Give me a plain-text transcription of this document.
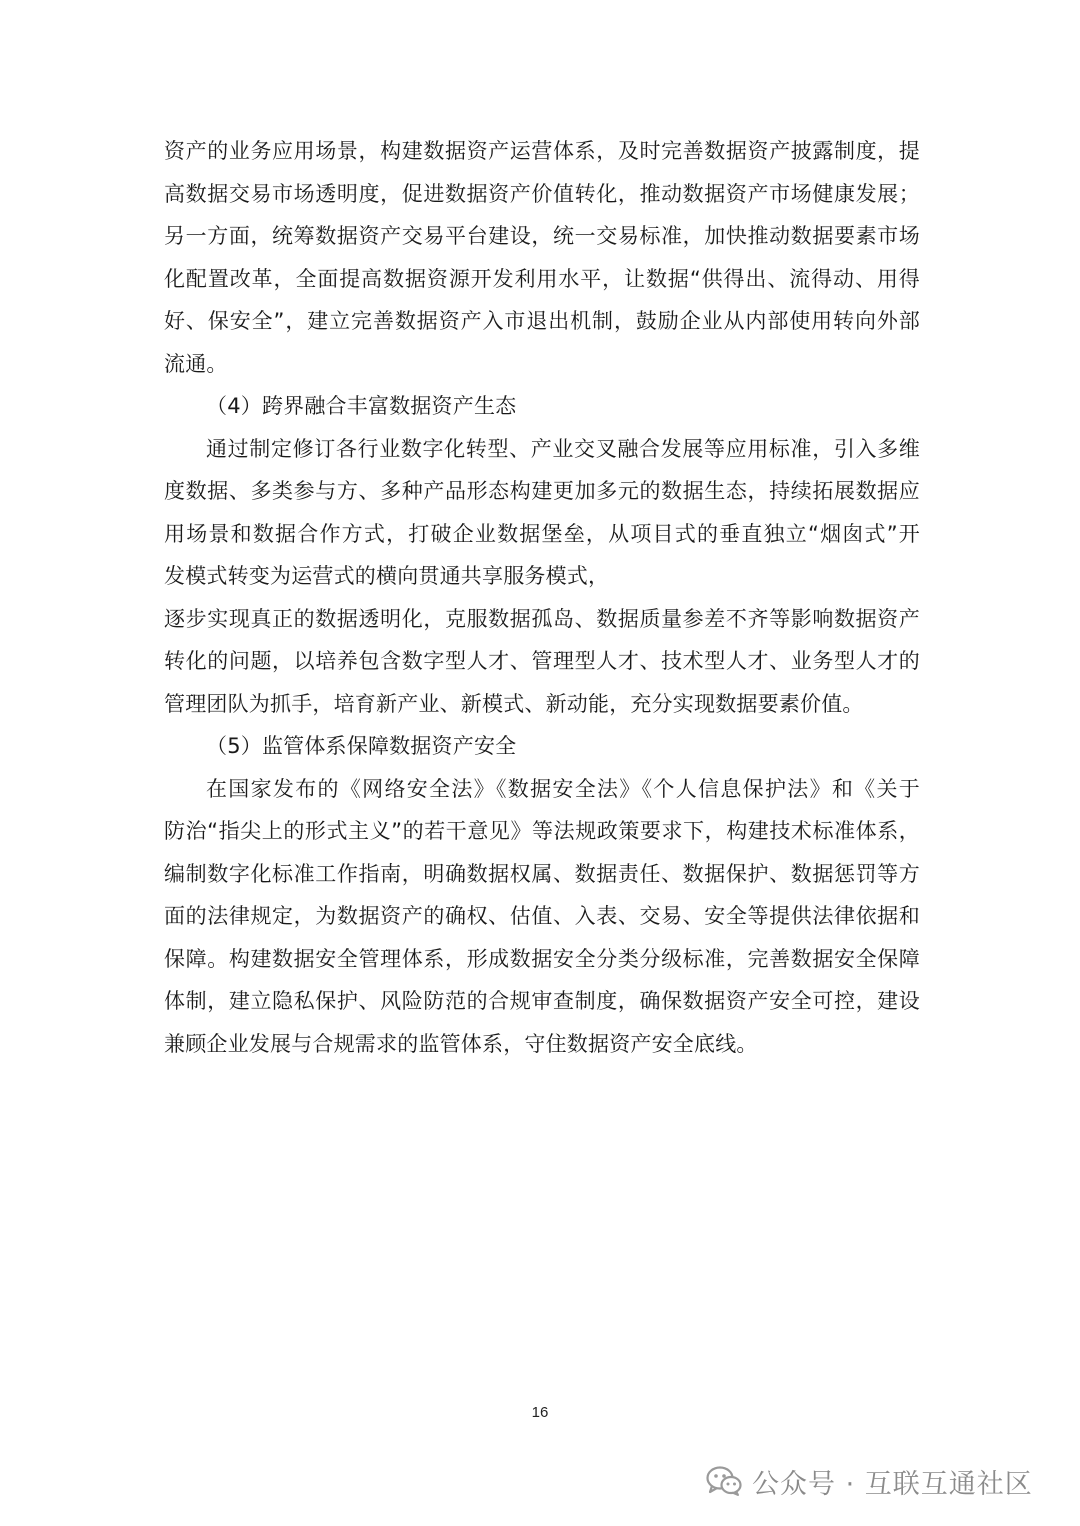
资产的业务应用场景，构建数据资产运营体系，及时完善数据资产披露制度，提
高数据交易市场透明度，促进数据资产价值转化，推动数据资产市场健康发展；
另一方面，统筹数据资产交易平台建设，统一交易标准，加快推动数据要素市场
化配置改革，全面提高数据资源开发利用水平，让数据“供得出、流得动、用得
好、保安全”，建立完善数据资产入市退出机制，鼓励企业从内部使用转向外部
流通。
（4）跨界融合丰富数据资产生态
通过制定修订各行业数字化转型、产业交叉融合发展等应用标准，引入多维
度数据、多类参与方、多种产品形态构建更加多元的数据生态，持续拓展数据应
用场景和数据合作方式，打破企业数据堡垒，从项目式的垂直独立“烟囱式”开
发模式转变为运营式的横向贯通共享服务模式，
逐步实现真正的数据透明化，克服数据孤岛、数据质量参差不齐等影响数据资产
转化的问题，以培养包含数字型人才、管理型人才、技术型人才、业务型人才的
管理团队为抓手，培育新产业、新模式、新动能，充分实现数据要素价值。
（5）监管体系保障数据资产安全
在国家发布的《网络安全法》《数据安全法》《个人信息保护法》和《关于
防治“指尖上的形式主义”的若干意见》等法规政策要求下，构建技术标准体系，
编制数字化标准工作指南，明确数据权属、数据责任、数据保护、数据惩罚等方
面的法律规定，为数据资产的确权、估值、入表、交易、安全等提供法律依据和
保障。构建数据安全管理体系，形成数据安全分类分级标准，完善数据安全保障
体制，建立隐私保护、风险防范的合规审查制度，确保数据资产安全可控，建设
兼顾企业发展与合规需求的监管体系，守住数据资产安全底线。
16
公众号 · 互联互通社区
